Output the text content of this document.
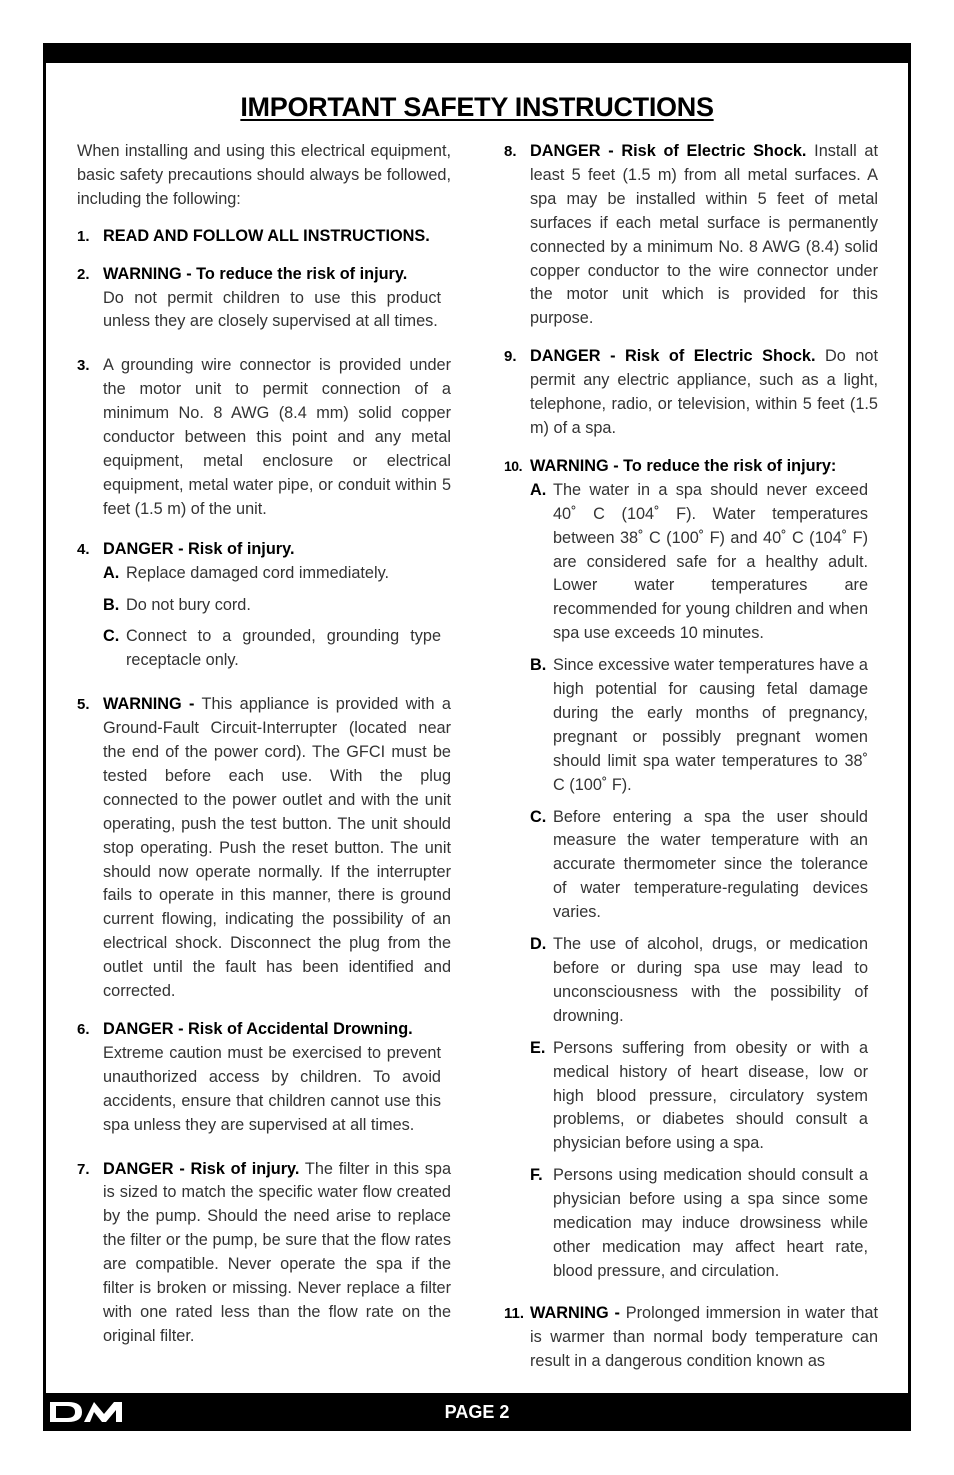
IMPORTANT SAFETY INSTRUCTIONS

When installing and using this electrical equipment, basic safety precautions should always be followed, including the following:

1. READ AND FOLLOW ALL INSTRUCTIONS.
2. WARNING - To reduce the risk of injury.
Do not permit children to use this product unless they are closely supervised at all times.
3. A grounding wire connector is provided under the motor unit to permit connection of a minimum No. 8 AWG (8.4 mm) solid copper conductor between this point and any metal equipment, metal enclosure or electrical equipment, metal water pipe, or conduit within 5 feet (1.5 m) of the unit.
4. DANGER - Risk of injury.
A. Replace damaged cord immediately.
B. Do not bury cord.
C. Connect to a grounded, grounding type receptacle only.
5. WARNING - This appliance is provided with a Ground-Fault Circuit-Interrupter (located near the end of the power cord). The GFCI must be tested before each use. With the plug connected to the power outlet and with the unit operating, push the test button. The unit should stop operating. Push the reset button. The unit should now operate normally. If the interrupter fails to operate in this manner, there is ground current flowing, indicating the possibility of an electrical shock. Disconnect the plug from the outlet until the fault has been identified and corrected.

6. DANGER - Risk of Accidental Drowning.
Extreme caution must be exercised to prevent unauthorized access by children. To avoid accidents, ensure that children cannot use this spa unless they are supervised at all times.
7. DANGER - Risk of injury. The filter in this spa is sized to match the specific water flow created by the pump. Should the need arise to replace the filter or the pump, be sure that the flow rates are compatible. Never operate the spa if the filter is broken or missing. Never replace a filter with one rated less than the flow rate on the original filter.

8. DANGER - Risk of Electric Shock. Install at least 5 feet (1.5 m) from all metal surfaces. A spa may be installed within 5 feet of metal surfaces if each metal surface is permanently connected by a minimum No. 8 AWG (8.4) solid copper conductor to the wire connector under the motor unit which is provided for this purpose.

9. DANGER - Risk of Electric Shock. Do not permit any electric appliance, such as a light, telephone, radio, or television, within 5 feet (1.5 m) of a spa.

10. WARNING - To reduce the risk of injury:
A. The water in a spa should never exceed 40˚ C (104˚ F). Water temperatures between 38˚ C (100˚ F) and 40˚ C (104˚ F) are considered safe for a healthy adult. Lower water temperatures are recommended for young children and when spa use exceeds 10 minutes.
B. Since excessive water temperatures have a high potential for causing fetal damage during the early months of pregnancy, pregnant or possibly pregnant women should limit spa water temperatures to 38˚ C (100˚ F).
C. Before entering a spa the user should measure the water temperature with an accurate thermometer since the tolerance of water temperature-regulating devices varies.
D. The use of alcohol, drugs, or medication before or during spa use may lead to unconsciousness with the possibility of drowning.
E. Persons suffering from obesity or with a medical history of heart disease, low or high blood pressure, circulatory system problems, or diabetes should consult a physician before using a spa.
F. Persons using medication should consult a physician before using a spa since some medication may induce drowsiness while other medication may affect heart rate, blood pressure, and circulation.
11. WARNING - Prolonged immersion in water that is warmer than normal body temperature can result in a dangerous condition known as

PAGE 2
